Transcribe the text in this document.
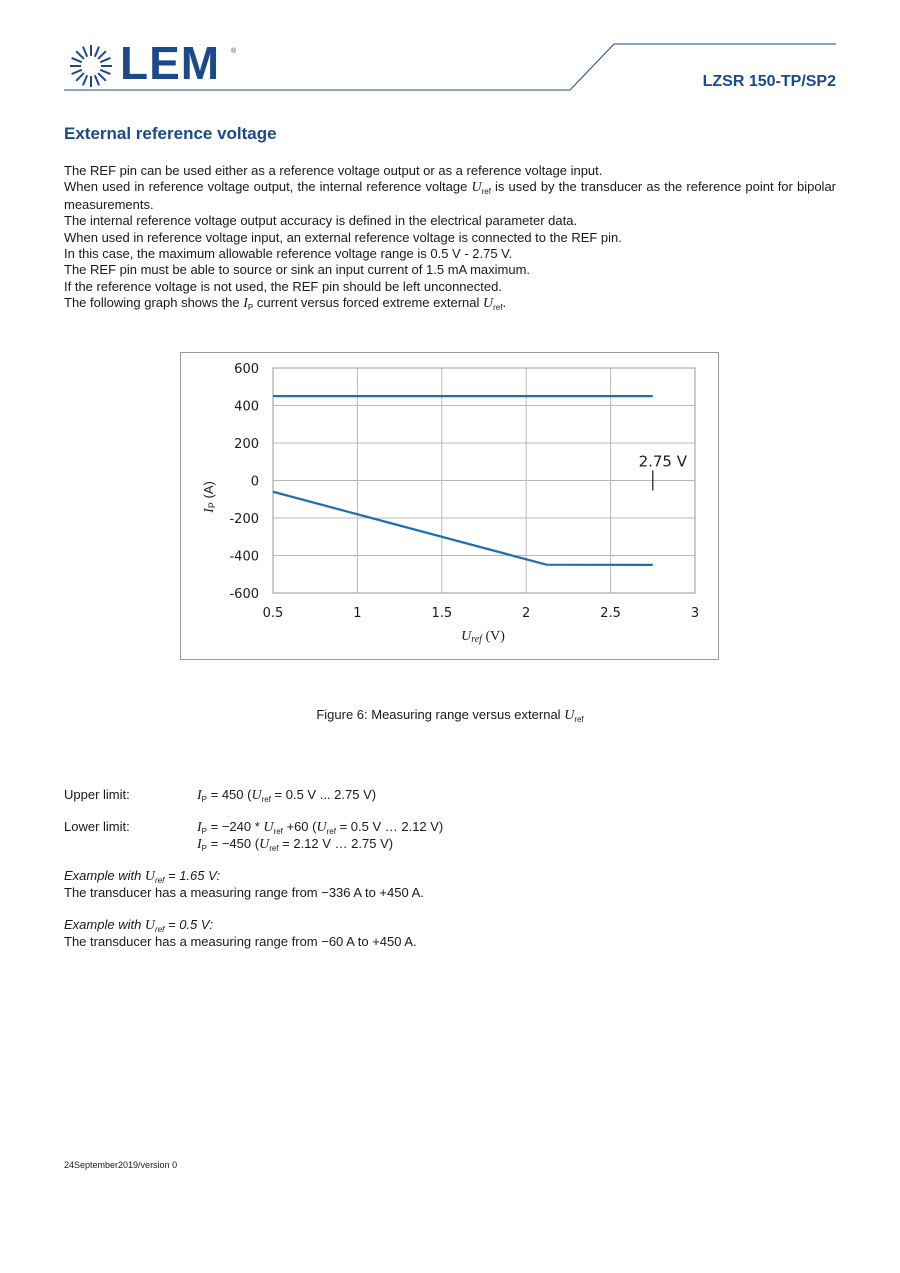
LEM ®
LZSR 150-TP/SP2
External reference voltage

The REF pin can be used either as a reference voltage output or as a reference voltage input.

When used in reference voltage output, the internal reference voltage $U_{ref}$ is used by the transducer as the reference point for bipolar measurements.

The internal reference voltage output accuracy is defined in the electrical parameter data.

When used in reference voltage input, an external reference voltage is connected to the REF pin.

In this case, the maximum allowable reference voltage range is 0.5 V - 2.75 V.

The REF pin must be able to source or sink an input current of 1.5 mA maximum.

If the reference voltage is not used, the REF pin should be left unconnected.

The following graph shows the $I_P$ current versus forced extreme external $U_{ref}$.

0.5	1	1.5	2	2.5	3
600
400
200
0
-200
-400
-600
2.75 V
Uref (V)
IP (A)
Figure 6: Measuring range versus external $U_{ref}$
Upper limit:	$I_P = 450$ ($U_{ref} = 0.5$ V ... 2.75 V)
Lower limit:	$I_P = -240 * U_{ref} +60$ ($U_{ref} = 0.5$ V … 2.12 V)
$I_P = -450$ ($U_{ref} = 2.12$ V … 2.75 V)
Example with $U_{ref} = 1.65$ V:
The transducer has a measuring range from −336 A to +450 A.
Example with $U_{ref} = 0.5$ V:
The transducer has a measuring range from −60 A to +450 A.
24September2019/version 0
